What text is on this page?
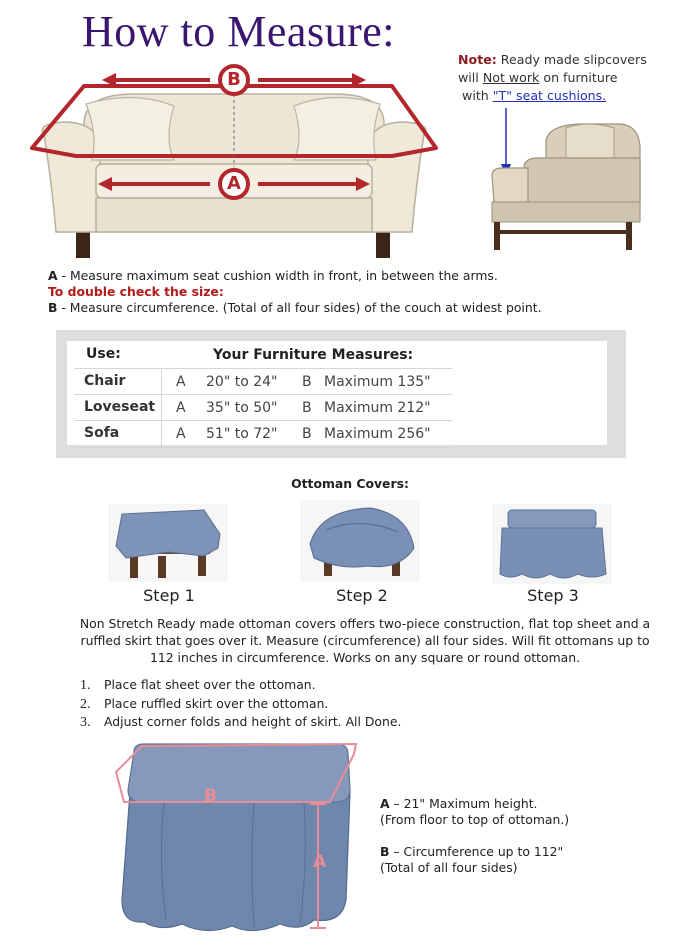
How to Measure:
B
A
Note: Ready made slipcovers
will Not work on furniture
with "T" seat cushions.
A - Measure maximum seat cushion width in front, in between the arms.
To double check the size:
B - Measure circumference. (Total of all four sides) of the couch at widest point.
Use:	Your Furniture Measures:
Chair	A 20" to 24" B Maximum 135"
Loveseat A 35" to 50" B Maximum 212"
Sofa	A 51" to 72" B Maximum 256"
Ottoman Covers:
Step 1	Step 2	Step 3
Non Stretch Ready made ottoman covers offers two-piece construction, flat top sheet and a ruffled skirt that goes over it. Measure (circumference) all four sides. Will fit ottomans up to 112 inches in circumference. Works on any square or round ottoman.
1. Place flat sheet over the ottoman.
2. Place ruffled skirt over the ottoman.
3. Adjust corner folds and height of skirt. All Done.
B
A
A – 21" Maximum height.
(From floor to top of ottoman.)
B – Circumference up to 112"
(Total of all four sides)
